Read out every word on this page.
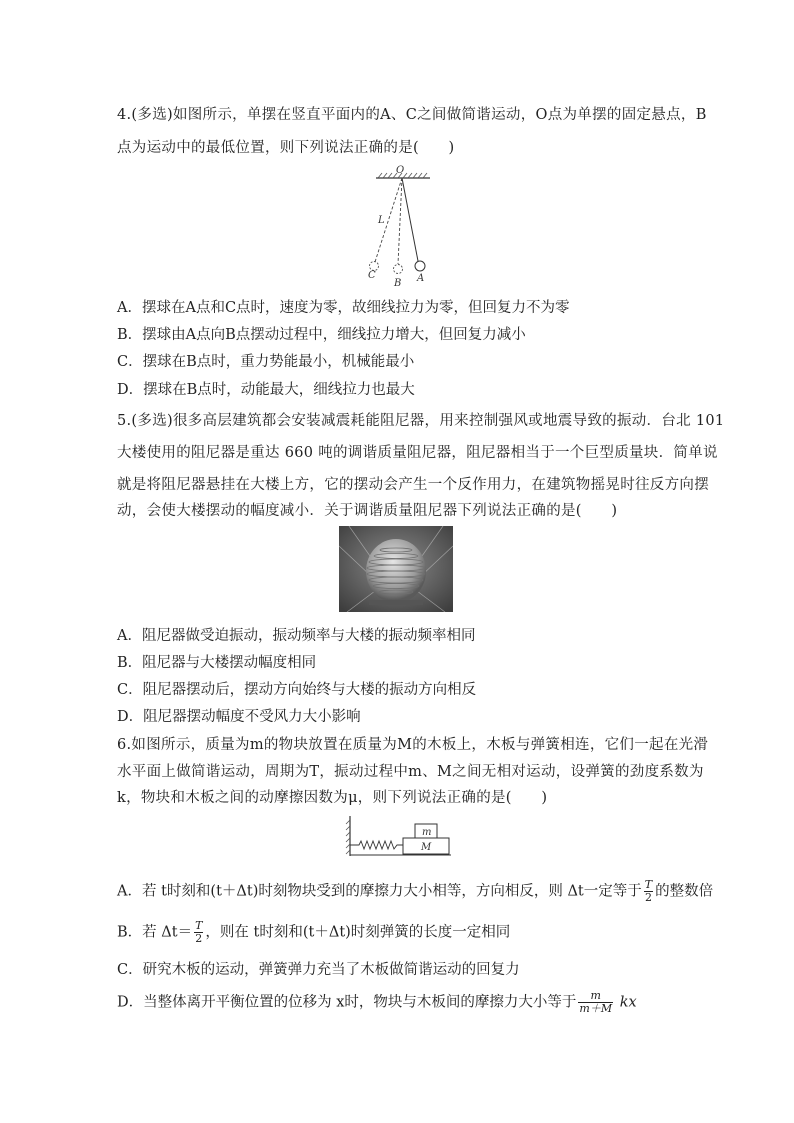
4.(多选)如图所示，单摆在竖直平面内的A、C之间做简谐运动，O点为单摆的固定悬点，B
点为运动中的最低位置，则下列说法正确的是(　　)
O
L
A
B
C
A．摆球在A点和C点时，速度为零，故细线拉力为零，但回复力不为零
B．摆球由A点向B点摆动过程中，细线拉力增大，但回复力减小
C．摆球在B点时，重力势能最小，机械能最小
D．摆球在B点时，动能最大，细线拉力也最大
5.(多选)很多高层建筑都会安装减震耗能阻尼器，用来控制强风或地震导致的振动．台北 101
大楼使用的阻尼器是重达 660 吨的调谐质量阻尼器，阻尼器相当于一个巨型质量块．简单说
就是将阻尼器悬挂在大楼上方，它的摆动会产生一个反作用力，在建筑物摇晃时往反方向摆
动，会使大楼摆动的幅度减小．关于调谐质量阻尼器下列说法正确的是(　　)
A．阻尼器做受迫振动，振动频率与大楼的振动频率相同
B．阻尼器与大楼摆动幅度相同
C．阻尼器摆动后，摆动方向始终与大楼的振动方向相反
D．阻尼器摆动幅度不受风力大小影响
6.如图所示，质量为m的物块放置在质量为M的木板上，木板与弹簧相连，它们一起在光滑
水平面上做简谐运动，周期为T，振动过程中m、M之间无相对运动，设弹簧的劲度系数为
k，物块和木板之间的动摩擦因数为μ，则下列说法正确的是(　　)
M
m
A．若 t时刻和(t＋Δt)时刻物块受到的摩擦力大小相等，方向相反，则 Δt一定等于 $\frac{T}{2}$ 的整数倍
B．若 $\Delta t= \frac{T}{2}$ ，则在 t时刻和(t＋Δt)时刻弹簧的长度一定相同
C．研究木板的运动，弹簧弹力充当了木板做简谐运动的回复力
D．当整体离开平衡位置的位移为 x时，物块与木板间的摩擦力大小等于 $\frac{m}{m+M}$ kx
